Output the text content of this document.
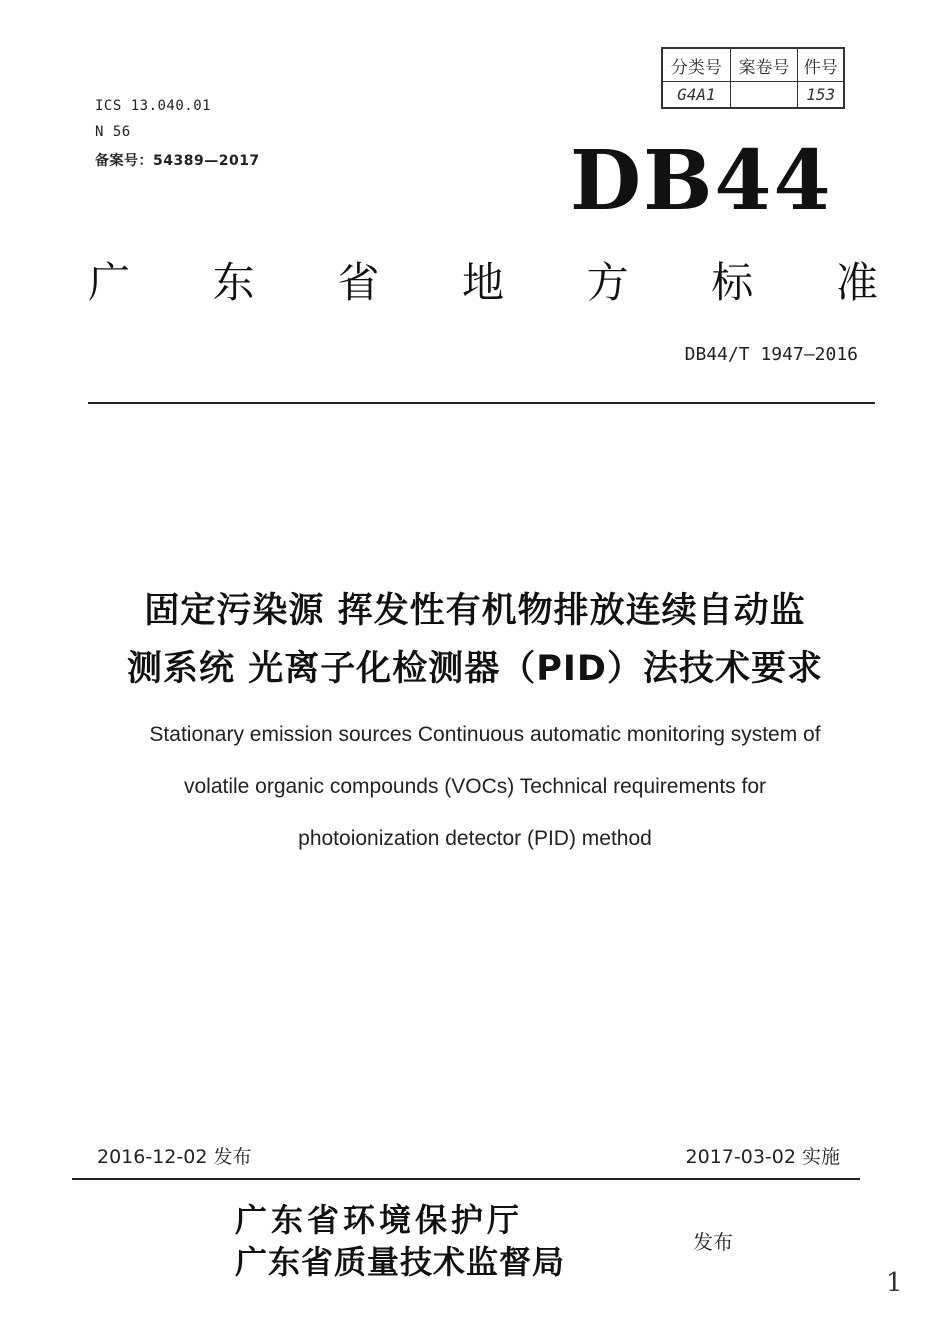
分类号	案卷号	件号
G4A1		153
ICS 13.040.01
N 56
备案号：54389—2017	DB44
广 东 省 地 方 标 准
DB44/T 1947—2016
固定污染源 挥发性有机物排放连续自动监
测系统 光离子化检测器（PID）法技术要求
Stationary emission sources Continuous automatic monitoring system of
volatile organic compounds (VOCs) Technical requirements for
photoionization detector (PID) method
2016-12-02 发布	2017-03-02 实施
广东省环境保护厅
广东省质量技术监督局
发布
1
